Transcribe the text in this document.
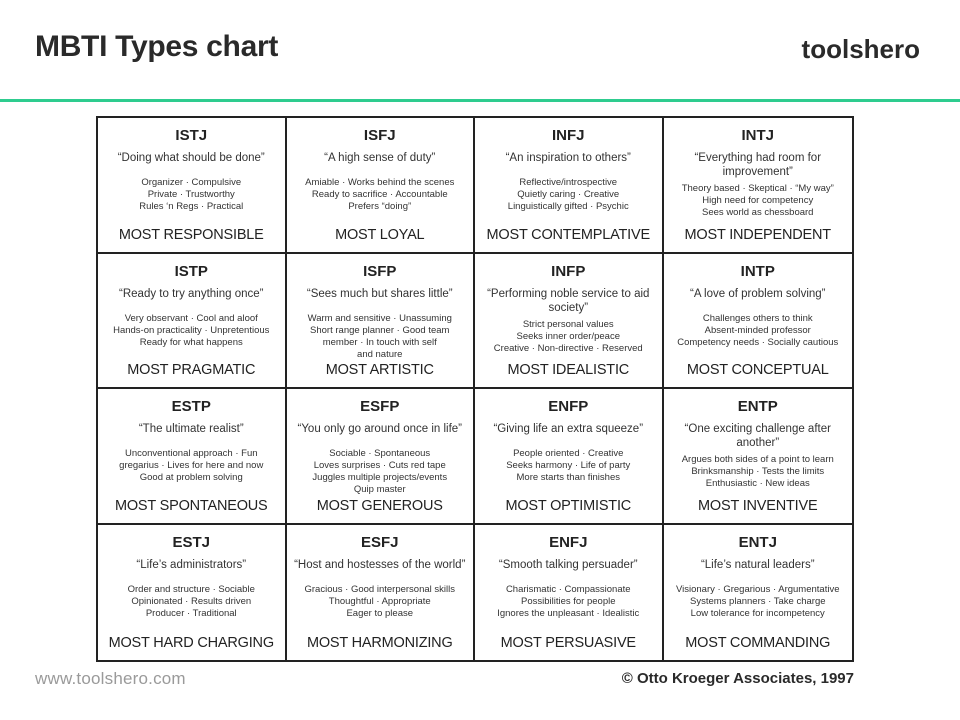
MBTI Types chart	toolshero
ISTJ
“Doing what should be done”
Organizer · Compulsive
Private · Trustworthy
Rules ‘n Regs · Practical
MOST RESPONSIBLE
ISFJ
“A high sense of duty”
Amiable · Works behind the scenes
Ready to sacrifice · Accountable
Prefers “doing”
MOST LOYAL
INFJ
“An inspiration to others”
Reflective/introspective
Quietly caring · Creative
Linguistically gifted · Psychic
MOST CONTEMPLATIVE
INTJ
“Everything had room for improvement”
Theory based · Skeptical · “My way”
High need for competency
Sees world as chessboard
MOST INDEPENDENT
ISTP
“Ready to try anything once”
Very observant · Cool and aloof
Hands-on practicality · Unpretentious
Ready for what happens
MOST PRAGMATIC
ISFP
“Sees much but shares little”
Warm and sensitive · Unassuming
Short range planner · Good team
member · In touch with self
and nature
MOST ARTISTIC
INFP
“Performing noble service to aid society”
Strict personal values
Seeks inner order/peace
Creative · Non-directive · Reserved
MOST IDEALISTIC
INTP
“A love of problem solving”
Challenges others to think
Absent-minded professor
Competency needs · Socially cautious
MOST CONCEPTUAL
ESTP
“The ultimate realist”
Unconventional approach · Fun
gregarius · Lives for here and now
Good at problem solving
MOST SPONTANEOUS
ESFP
“You only go around once in life”
Sociable · Spontaneous
Loves surprises · Cuts red tape
Juggles multiple projects/events
Quip master
MOST GENEROUS
ENFP
“Giving life an extra squeeze”
People oriented · Creative
Seeks harmony · Life of party
More starts than finishes
MOST OPTIMISTIC
ENTP
“One exciting challenge after another”
Argues both sides of a point to learn
Brinksmanship · Tests the limits
Enthusiastic · New ideas
MOST INVENTIVE
ESTJ
“Life’s administrators”
Order and structure · Sociable
Opinionated · Results driven
Producer · Traditional
MOST HARD CHARGING
ESFJ
“Host and hostesses of the world”
Gracious · Good interpersonal skills
Thoughtful · Appropriate
Eager to please
MOST HARMONIZING
ENFJ
“Smooth talking persuader”
Charismatic · Compassionate
Possibilities for people
Ignores the unpleasant · Idealistic
MOST PERSUASIVE
ENTJ
“Life’s natural leaders”
Visionary · Gregarious · Argumentative
Systems planners · Take charge
Low tolerance for incompetency
MOST COMMANDING
www.toolshero.com	© Otto Kroeger Associates, 1997
